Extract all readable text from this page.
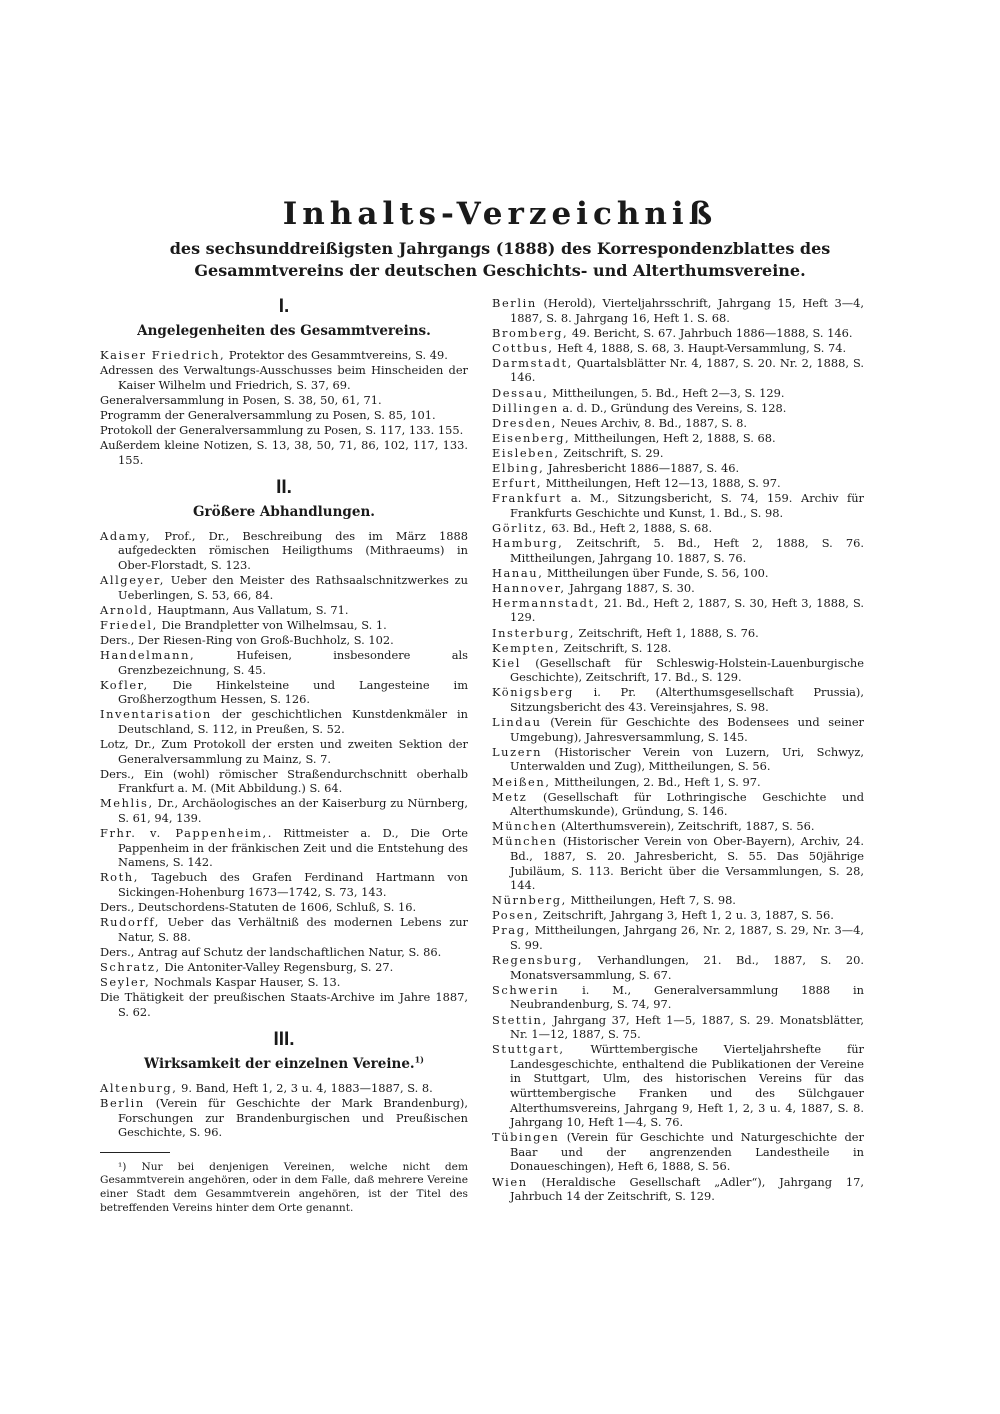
Inhalts-Verzeichniß
des sechsunddreißigsten Jahrgangs (1888) des Korrespondenzblattes des Gesammtvereins der deutschen Geschichts- und Alterthumsvereine.
I.
Angelegenheiten des Gesammtvereins.
Kaiser Friedrich, Protektor des Gesammtvereins, S. 49.
Adressen des Verwaltungs-Ausschusses beim Hinscheiden der Kaiser Wilhelm und Friedrich, S. 37, 69.
Generalversammlung in Posen, S. 38, 50, 61, 71.
Programm der Generalversammlung zu Posen, S. 85, 101.
Protokoll der Generalversammlung zu Posen, S. 117, 133. 155.
Außerdem kleine Notizen, S. 13, 38, 50, 71, 86, 102, 117, 133. 155.
II.
Größere Abhandlungen.
Adamy, Prof., Dr., Beschreibung des im März 1888 aufgedeckten römischen Heiligthums (Mithraeums) in Ober-Florstadt, S. 123.
Allgeyer, Ueber den Meister des Rathsaalschnitzwerkes zu Ueberlingen, S. 53, 66, 84.
Arnold, Hauptmann, Aus Vallatum, S. 71.
Friedel, Die Brandpletter von Wilhelmsau, S. 1.
Ders., Der Riesen-Ring von Groß-Buchholz, S. 102.
Handelmann, Hufeisen, insbesondere als Grenzbezeichnung, S. 45.
Kofler, Die Hinkelsteine und Langesteine im Großherzogthum Hessen, S. 126.
Inventarisation der geschichtlichen Kunstdenkmäler in Deutschland, S. 112, in Preußen, S. 52.
Lotz, Dr., Zum Protokoll der ersten und zweiten Sektion der Generalversammlung zu Mainz, S. 7.
Ders., Ein (wohl) römischer Straßendurchschnitt oberhalb Frankfurt a. M. (Mit Abbildung.) S. 64.
Mehlis, Dr., Archäologisches an der Kaiserburg zu Nürnberg, S. 61, 94, 139.
Frhr. v. Pappenheim,. Rittmeister a. D., Die Orte Pappenheim in der fränkischen Zeit und die Entstehung des Namens, S. 142.
Roth, Tagebuch des Grafen Ferdinand Hartmann von Sickingen-Hohenburg 1673—1742, S. 73, 143.
Ders., Deutschordens-Statuten de 1606, Schluß, S. 16.
Rudorff, Ueber das Verhältniß des modernen Lebens zur Natur, S. 88.
Ders., Antrag auf Schutz der landschaftlichen Natur, S. 86.
Schratz, Die Antoniter-Valley Regensburg, S. 27.
Seyler, Nochmals Kaspar Hauser, S. 13.
Die Thätigkeit der preußischen Staats-Archive im Jahre 1887, S. 62.
III.
Wirksamkeit der einzelnen Vereine.$^{1)}$
Altenburg, 9. Band, Heft 1, 2, 3 u. 4, 1883—1887, S. 8.
Berlin (Verein für Geschichte der Mark Brandenburg), Forschungen zur Brandenburgischen und Preußischen Geschichte, S. 96.
¹) Nur bei denjenigen Vereinen, welche nicht dem Gesammtverein angehören, oder in dem Falle, daß mehrere Vereine einer Stadt dem Gesammtverein angehören, ist der Titel des betreffenden Vereins hinter dem Orte genannt.
Berlin (Herold), Vierteljahrsschrift, Jahrgang 15, Heft 3—4, 1887, S. 8. Jahrgang 16, Heft 1. S. 68.
Bromberg, 49. Bericht, S. 67. Jahrbuch 1886—1888, S. 146.
Cottbus, Heft 4, 1888, S. 68, 3. Haupt-Versammlung, S. 74.
Darmstadt, Quartalsblätter Nr. 4, 1887, S. 20. Nr. 2, 1888, S. 146.
Dessau, Mittheilungen, 5. Bd., Heft 2—3, S. 129.
Dillingen a. d. D., Gründung des Vereins, S. 128.
Dresden, Neues Archiv, 8. Bd., 1887, S. 8.
Eisenberg, Mittheilungen, Heft 2, 1888, S. 68.
Eisleben, Zeitschrift, S. 29.
Elbing, Jahresbericht 1886—1887, S. 46.
Erfurt, Mittheilungen, Heft 12—13, 1888, S. 97.
Frankfurt a. M., Sitzungsbericht, S. 74, 159. Archiv für Frankfurts Geschichte und Kunst, 1. Bd., S. 98.
Görlitz, 63. Bd., Heft 2, 1888, S. 68.
Hamburg, Zeitschrift, 5. Bd., Heft 2, 1888, S. 76. Mittheilungen, Jahrgang 10. 1887, S. 76.
Hanau, Mittheilungen über Funde, S. 56, 100.
Hannover, Jahrgang 1887, S. 30.
Hermannstadt, 21. Bd., Heft 2, 1887, S. 30, Heft 3, 1888, S. 129.
Insterburg, Zeitschrift, Heft 1, 1888, S. 76.
Kempten, Zeitschrift, S. 128.
Kiel (Gesellschaft für Schleswig-Holstein-Lauenburgische Geschichte), Zeitschrift, 17. Bd., S. 129.
Königsberg i. Pr. (Alterthumsgesellschaft Prussia), Sitzungsbericht des 43. Vereinsjahres, S. 98.
Lindau (Verein für Geschichte des Bodensees und seiner Umgebung), Jahresversammlung, S. 145.
Luzern (Historischer Verein von Luzern, Uri, Schwyz, Unterwalden und Zug), Mittheilungen, S. 56.
Meißen, Mittheilungen, 2. Bd., Heft 1, S. 97.
Metz (Gesellschaft für Lothringische Geschichte und Alterthumskunde), Gründung, S. 146.
München (Alterthumsverein), Zeitschrift, 1887, S. 56.
München (Historischer Verein von Ober-Bayern), Archiv, 24. Bd., 1887, S. 20. Jahresbericht, S. 55. Das 50jährige Jubiläum, S. 113. Bericht über die Versammlungen, S. 28, 144.
Nürnberg, Mittheilungen, Heft 7, S. 98.
Posen, Zeitschrift, Jahrgang 3, Heft 1, 2 u. 3, 1887, S. 56.
Prag, Mittheilungen, Jahrgang 26, Nr. 2, 1887, S. 29, Nr. 3—4, S. 99.
Regensburg, Verhandlungen, 21. Bd., 1887, S. 20. Monatsversammlung, S. 67.
Schwerin i. M., Generalversammlung 1888 in Neubrandenburg, S. 74, 97.
Stettin, Jahrgang 37, Heft 1—5, 1887, S. 29. Monatsblätter, Nr. 1—12, 1887, S. 75.
Stuttgart, Württembergische Vierteljahrshefte für Landesgeschichte, enthaltend die Publikationen der Vereine in Stuttgart, Ulm, des historischen Vereins für das württembergische Franken und des Sülchgauer Alterthumsvereins, Jahrgang 9, Heft 1, 2, 3 u. 4, 1887, S. 8. Jahrgang 10, Heft 1—4, S. 76.
Tübingen (Verein für Geschichte und Naturgeschichte der Baar und der angrenzenden Landestheile in Donaueschingen), Heft 6, 1888, S. 56.
Wien (Heraldische Gesellschaft „Adler“), Jahrgang 17, Jahrbuch 14 der Zeitschrift, S. 129.
